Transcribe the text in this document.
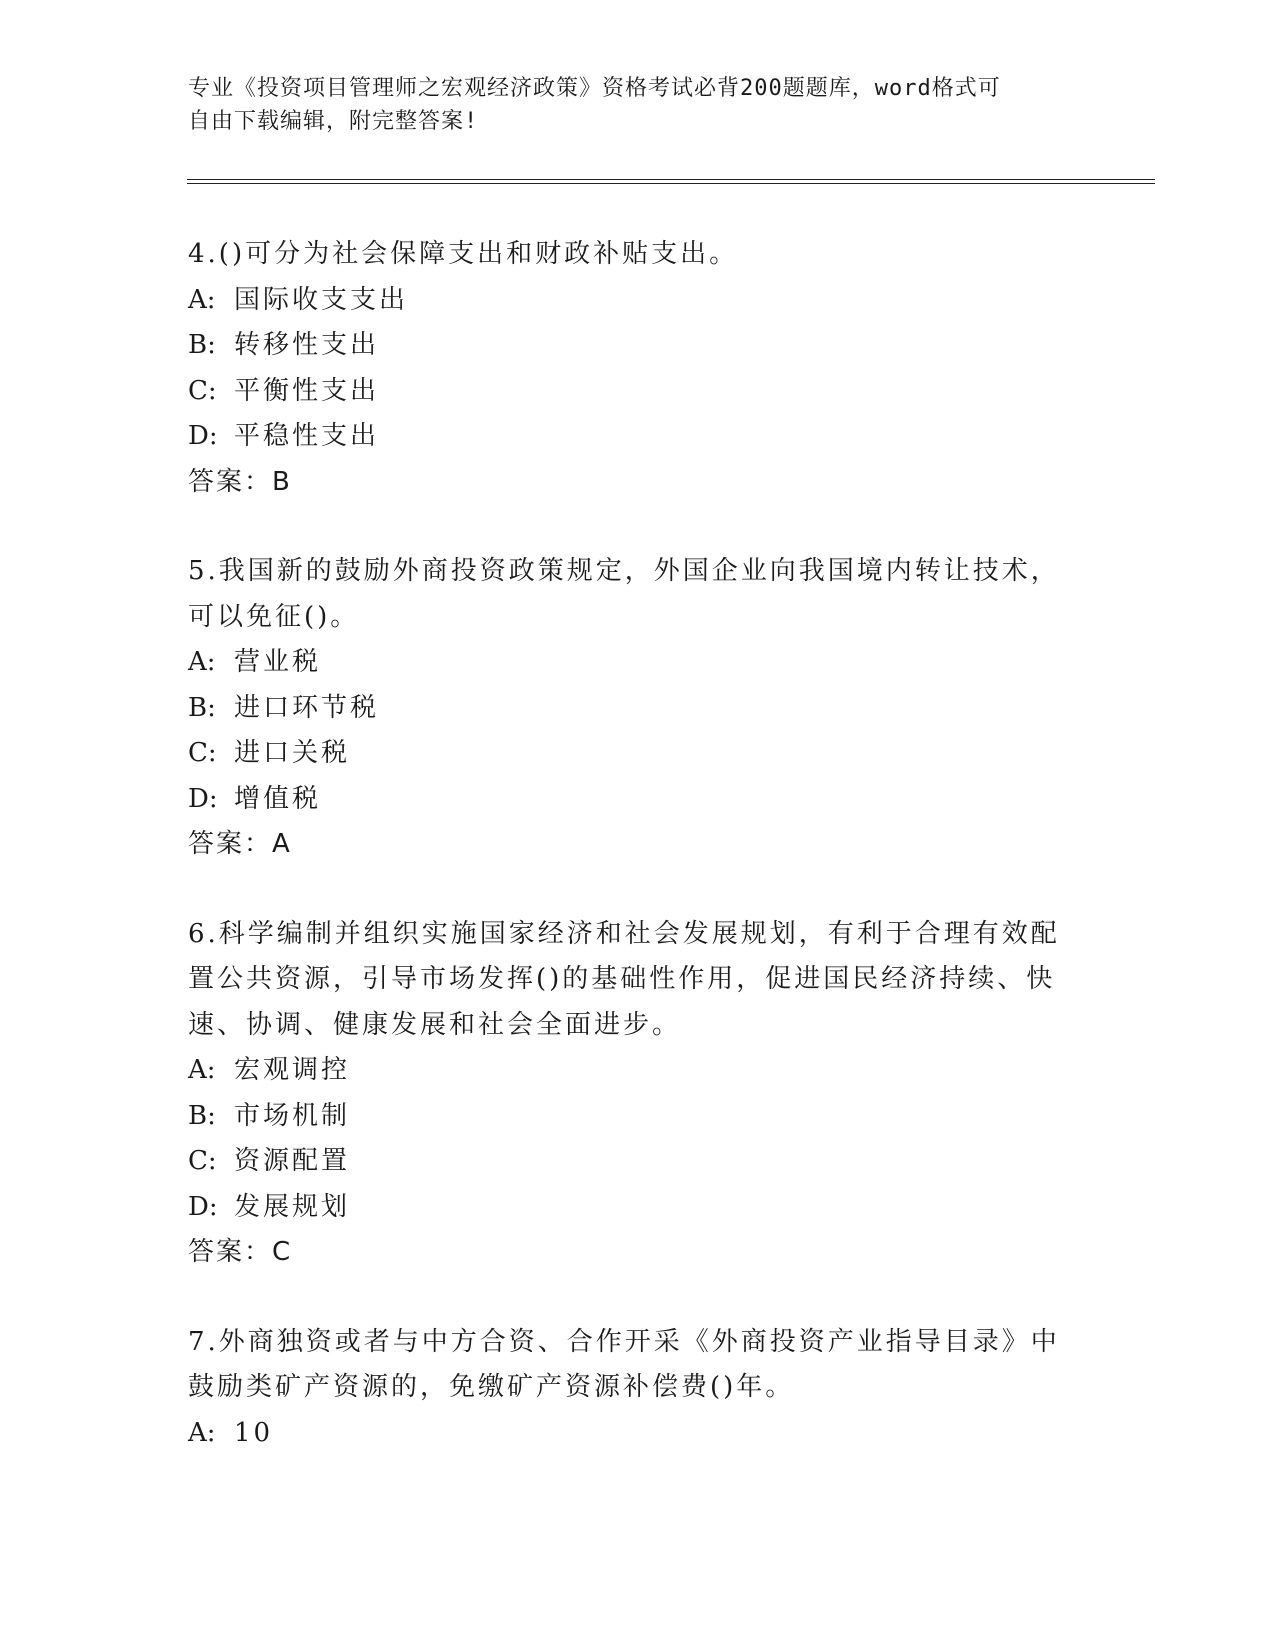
专业《投资项目管理师之宏观经济政策》资格考试必背200题题库，word格式可
自由下载编辑，附完整答案!

4.()可分为社会保障支出和财政补贴支出。

A: 国际收支支出

B: 转移性支出

C: 平衡性支出

D: 平稳性支出

答案：B

5.我国新的鼓励外商投资政策规定，外国企业向我国境内转让技术，

可以免征()。

A: 营业税

B: 进口环节税

C: 进口关税

D: 增值税

答案：A

6.科学编制并组织实施国家经济和社会发展规划，有利于合理有效配

置公共资源，引导市场发挥()的基础性作用，促进国民经济持续、快

速、协调、健康发展和社会全面进步。

A: 宏观调控

B: 市场机制

C: 资源配置

D: 发展规划

答案：C

7.外商独资或者与中方合资、合作开采《外商投资产业指导目录》中

鼓励类矿产资源的，免缴矿产资源补偿费()年。

A: 10
